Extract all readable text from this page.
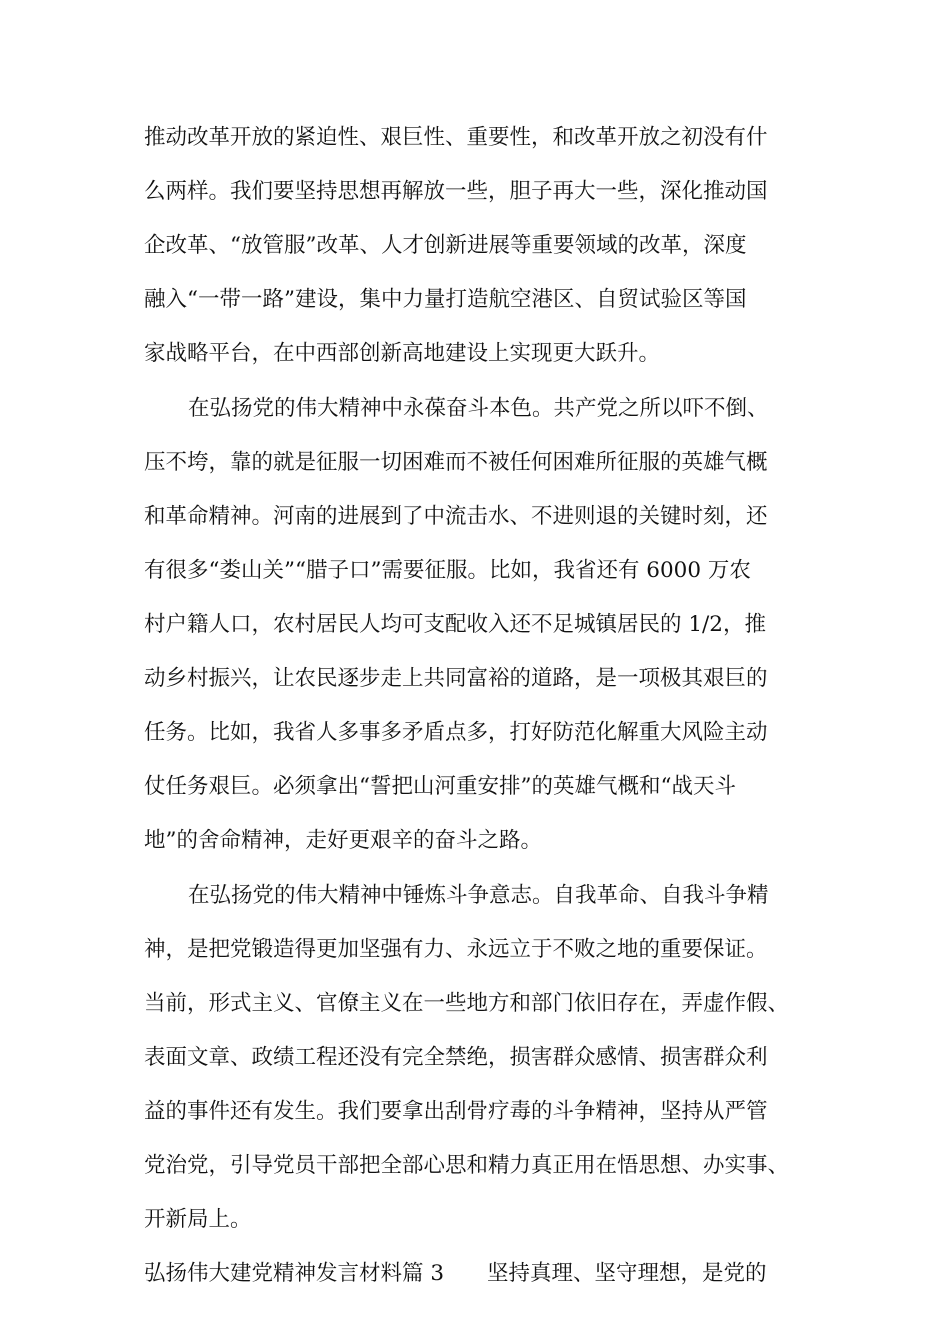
推动改革开放的紧迫性、艰巨性、重要性，和改革开放之初没有什
么两样。我们要坚持思想再解放一些，胆子再大一些，深化推动国
企改革、“放管服”改革、人才创新进展等重要领域的改革，深度
融入“一带一路”建设，集中力量打造航空港区、自贸试验区等国
家战略平台，在中西部创新高地建设上实现更大跃升。
在弘扬党的伟大精神中永葆奋斗本色。共产党之所以吓不倒、
压不垮，靠的就是征服一切困难而不被任何困难所征服的英雄气概
和革命精神。河南的进展到了中流击水、不进则退的关键时刻，还
有很多“娄山关”“腊子口”需要征服。比如，我省还有 6000 万农
村户籍人口，农村居民人均可支配收入还不足城镇居民的 1/2，推
动乡村振兴，让农民逐步走上共同富裕的道路，是一项极其艰巨的
任务。比如，我省人多事多矛盾点多，打好防范化解重大风险主动
仗任务艰巨。必须拿出“誓把山河重安排”的英雄气概和“战天斗
地”的舍命精神，走好更艰辛的奋斗之路。
在弘扬党的伟大精神中锤炼斗争意志。自我革命、自我斗争精
神，是把党锻造得更加坚强有力、永远立于不败之地的重要保证。
当前，形式主义、官僚主义在一些地方和部门依旧存在，弄虚作假、
表面文章、政绩工程还没有完全禁绝，损害群众感情、损害群众利
益的事件还有发生。我们要拿出刮骨疗毒的斗争精神，坚持从严管
党治党，引导党员干部把全部心思和精力真正用在悟思想、办实事、
开新局上。
弘扬伟大建党精神发言材料篇 3　　坚持真理、坚守理想，是党的
